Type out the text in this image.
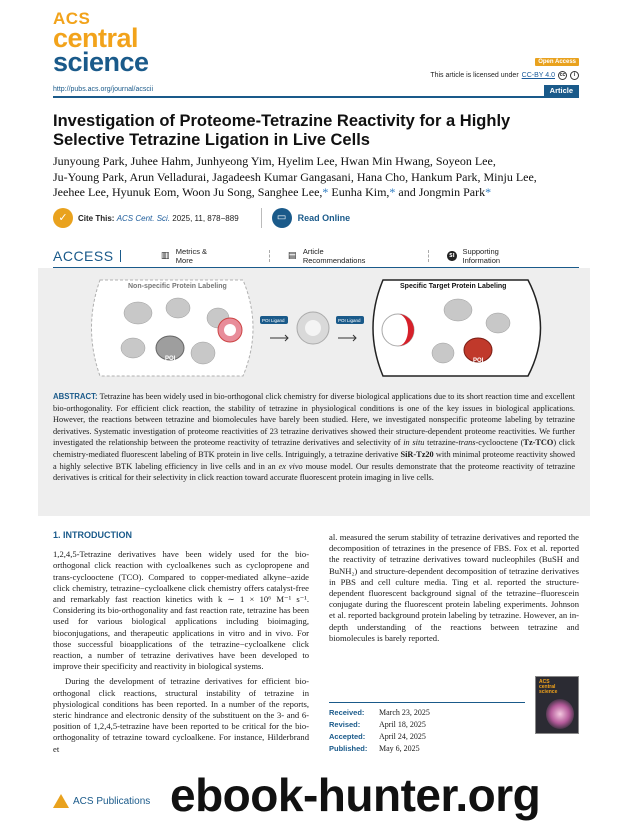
ACS
central
science	Open Access
This article is licensed under CC-BY 4.0 cc	i
http://pubs.acs.org/journal/acscii	Article
Investigation of Proteome-Tetrazine Reactivity for a Highly Selective Tetrazine Ligation in Live Cells
Junyoung Park, Juhee Hahm, Junhyeong Yim, Hyelim Lee, Hwan Min Hwang, Soyeon Lee,
Ju-Young Park, Arun Velladurai, Jagadeesh Kumar Gangasani, Hana Cho, Hankum Park, Minju Lee,
Jeehee Lee, Hyunuk Eom, Woon Ju Song, Sanghee Lee,* Eunha Kim,* and Jongmin Park*
✓	Cite This: ACS Cent. Sci. 2025, 11, 878−889	▭	Read Online
ACCESS	▥ Metrics & More	▤ Article Recommendations	SI Supporting Information
Non-specific Protein Labeling
POI
POI Ligand	POI Ligand
Specific Target Protein Labeling
POI
ABSTRACT: Tetrazine has been widely used in bio-orthogonal click chemistry for diverse biological applications due to its short reaction time and excellent bio-orthogonality. For efficient click reaction, the stability of tetrazine in physiological conditions is one of the key issues in biological applications. However, the reactions between tetrazine and biomolecules have barely been studied. Here, we investigated nonspecific proteome labeling by tetrazine derivatives. Systematic investigation of proteome reactivities of 23 tetrazine derivatives showed their structure-dependent proteome reactivities. We further investigated the relationship between the proteome reactivity of tetrazine derivatives and selectivity of in situ tetrazine-trans-cyclooctene (Tz-TCO) click chemistry-mediated fluorescent labeling of BTK protein in live cells. Intriguingly, a tetrazine derivative SiR-Tz20 with minimal proteome reactivity showed a highly selective BTK labeling efficiency in live cells and in an ex vivo mouse model. Our results demonstrate that the proteome reactivity of tetrazine derivatives is critical for their selectivity in click reaction toward accurate fluorescent protein imaging in live cells.
1. INTRODUCTION

1,2,4,5-Tetrazine derivatives have been widely used for the bio-orthogonal click reaction with cycloalkenes such as cyclopropene and trans-cyclooctene (TCO). Compared to copper-mediated alkyne−azide click chemistry, tetrazine−cycloalkene click chemistry offers catalyst-free and remarkably fast reaction kinetics with k ∼ 1 × 10⁶ M⁻¹ s⁻¹. Considering its bio-orthogonality and fast reaction rate, tetrazine has been used for various biological applications including bioimaging, bioconjugations, and therapeutic applications in vitro and in vivo. For those successful bioapplications of the tetrazine−cycloalkene click reaction, a number of tetrazine derivatives have been developed to improve their specificity and reactivity in biological systems.

During the development of tetrazine derivatives for efficient bio-orthogonal click reactions, structural instability of tetrazine in physiological conditions has been reported. In a number of the reports, steric hindrance and electronic density of the substituent on the 3- and 6-position of 1,2,4,5-tetrazine have been reported to be critical for the bio-orthogonality of tetrazine toward cycloalkene. For instance, Hilderbrand et

al. measured the serum stability of tetrazine derivatives and reported the decomposition of tetrazines in the presence of FBS. Fox et al. reported the reactivity of tetrazine derivatives toward nucleophiles (BuSH and BuNH₂) and structure-dependent decomposition of tetrazine derivatives in PBS and cell culture media. Ting et al. reported the structure-dependent fluorescent background signal of the tetrazine−fluorescein conjugate during the fluorescent protein labeling experiments. Johnson et al. reported background protein labeling by tetrazine. However, an in-depth understanding of the reactions between tetrazine and biomolecules is barely reported.

Received:	March 23, 2025
Revised:	April 18, 2025
Accepted:	April 24, 2025
Published:	May 6, 2025
ACS
central
science
ACS Publications ebook-hunter.org
